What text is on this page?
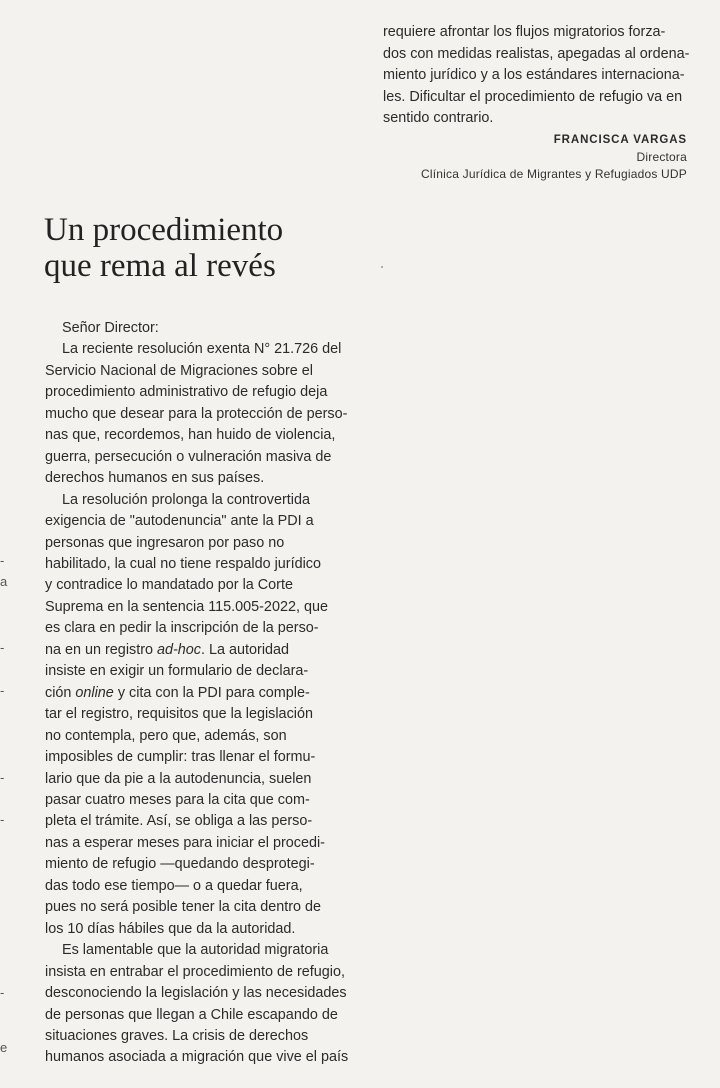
-
a
-
-
-
-
-
e
requiere afrontar los flujos migratorios forza-
dos con medidas realistas, apegadas al ordena-
miento jurídico y a los estándares internaciona-
les. Dificultar el procedimiento de refugio va en
sentido contrario.
FRANCISCA VARGAS
Directora
Clínica Jurídica de Migrantes y Refugiados UDP
Un procedimiento
que rema al revés
Señor Director:
La reciente resolución exenta N° 21.726 del
Servicio Nacional de Migraciones sobre el
procedimiento administrativo de refugio deja
mucho que desear para la protección de perso-
nas que, recordemos, han huido de violencia,
guerra, persecución o vulneración masiva de
derechos humanos en sus países.
La resolución prolonga la controvertida
exigencia de "autodenuncia" ante la PDI a
personas que ingresaron por paso no
habilitado, la cual no tiene respaldo jurídico
y contradice lo mandatado por la Corte
Suprema en la sentencia 115.005-2022, que
es clara en pedir la inscripción de la perso-
na en un registro ad-hoc. La autoridad
insiste en exigir un formulario de declara-
ción online y cita con la PDI para comple-
tar el registro, requisitos que la legislación
no contempla, pero que, además, son
imposibles de cumplir: tras llenar el formu-
lario que da pie a la autodenuncia, suelen
pasar cuatro meses para la cita que com-
pleta el trámite. Así, se obliga a las perso-
nas a esperar meses para iniciar el procedi-
miento de refugio —quedando desprotegi-
das todo ese tiempo— o a quedar fuera,
pues no será posible tener la cita dentro de
los 10 días hábiles que da la autoridad.
Es lamentable que la autoridad migratoria
insista en entrabar el procedimiento de refugio,
desconociendo la legislación y las necesidades
de personas que llegan a Chile escapando de
situaciones graves. La crisis de derechos
humanos asociada a migración que vive el país
